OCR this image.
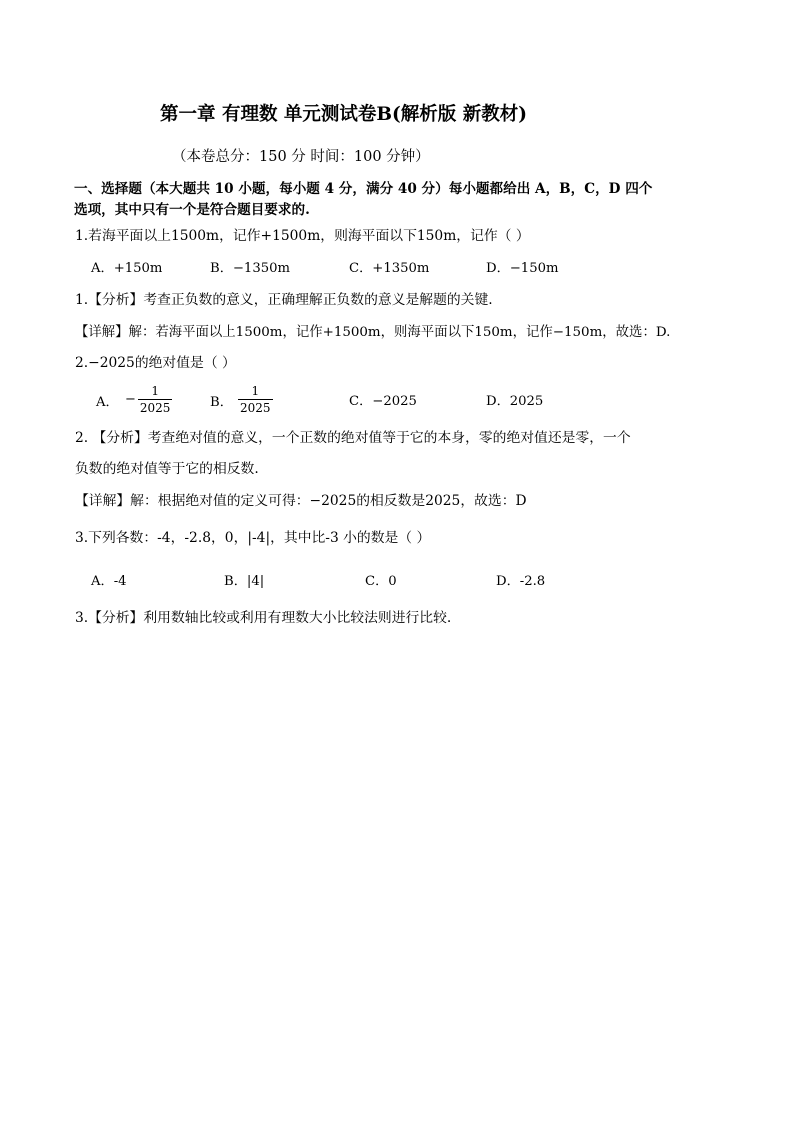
第一章 有理数 单元测试卷B(解析版 新教材)
（本卷总分：150 分 时间：100 分钟）
一、选择题（本大题共 10 小题，每小题 4 分，满分 40 分）每小题都给出 A，B，C，D 四个
选项，其中只有一个是符合题目要求的.
1.若海平面以上1500m，记作+1500m，则海平面以下150m，记作（ ）
A．+150m	B．−1350m	C．+1350m	D．−150m
1.【分析】考查正负数的意义，正确理解正负数的意义是解题的关键.
【详解】解：若海平面以上1500m，记作+1500m，则海平面以下150m，记作−150m，故选：D.
2.−2025的绝对值是（ ）
A． − $\frac{1}{2025}$	B． $\frac{1}{2025}$	C．−2025	D．2025
2. 【分析】考查绝对值的意义，一个正数的绝对值等于它的本身，零的绝对值还是零，一个
负数的绝对值等于它的相反数.
【详解】解：根据绝对值的定义可得：−2025的相反数是2025，故选：D
3.下列各数：-4，-2.8，0，|-4|，其中比-3 小的数是（ ）
A．-4	B．|4|	C．0	D．-2.8
3.【分析】利用数轴比较或利用有理数大小比较法则进行比较.
